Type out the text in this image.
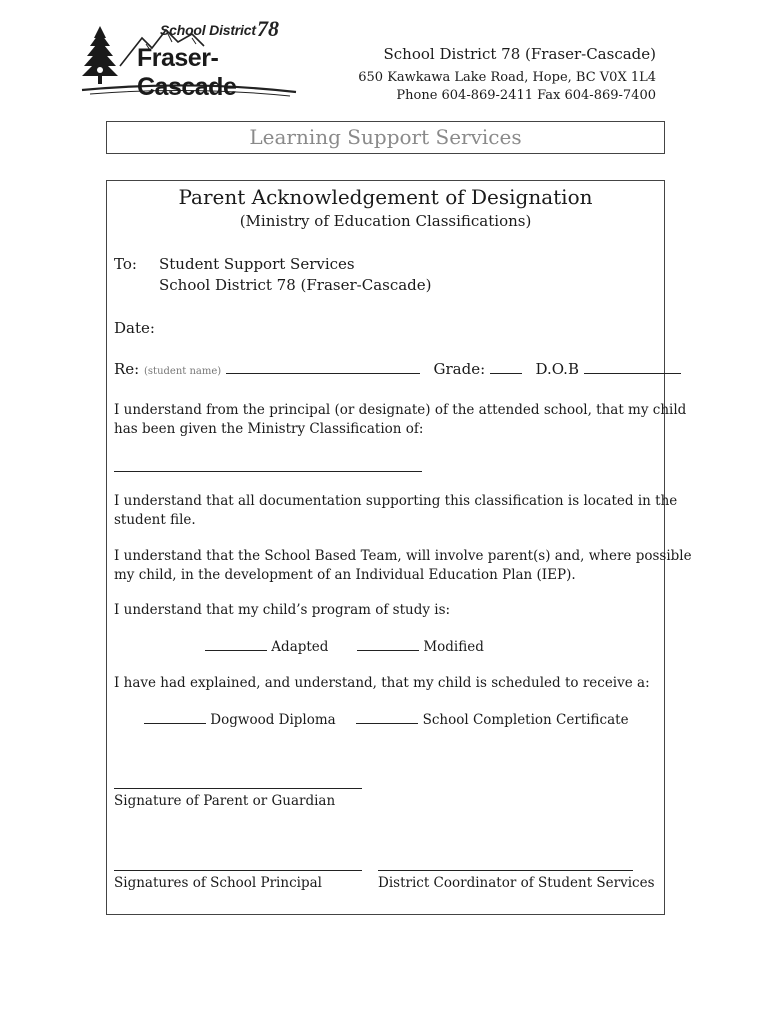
School District 78
Fraser-Cascade
School District 78 (Fraser-Cascade)
650 Kawkawa Lake Road, Hope, BC V0X 1L4
Phone 604-869-2411 Fax 604-869-7400
Learning Support Services
Parent Acknowledgement of Designation
(Ministry of Education Classifications)
To: Student Support Services
School District 78 (Fraser-Cascade)
Date:
Re: (student name)	Grade:	D.O.B
I understand from the principal (or designate) of the attended school, that my child
has been given the Ministry Classification of:
I understand that all documentation supporting this classification is located in the
student file.
I understand that the School Based Team, will involve parent(s) and, where possible
my child, in the development of an Individual Education Plan (IEP).
I understand that my child’s program of study is:
Adapted	Modified
I have had explained, and understand, that my child is scheduled to receive a:
Dogwood Diploma	School Completion Certificate
Signature of Parent or Guardian
Signatures of School Principal	District Coordinator of Student Services
